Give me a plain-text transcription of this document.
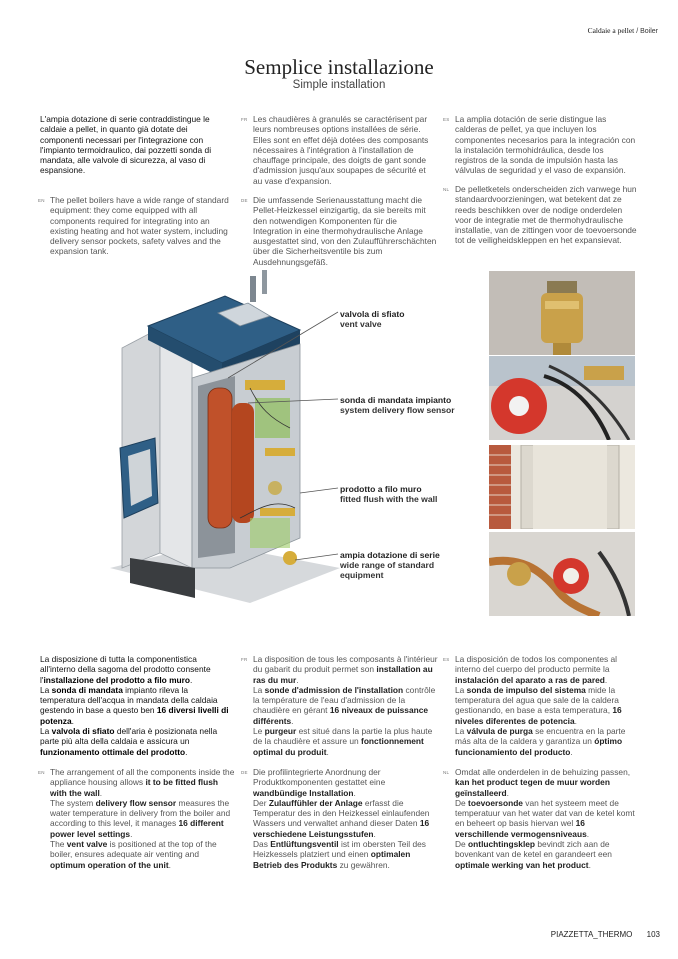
Caldaie a pellet / Boiler
Semplice installazione
Simple installation
L'ampia dotazione di serie contraddistingue le caldaie a pellet, in quanto già dotate dei componenti necessari per l'integrazione con l'impianto termoidraulico, dai pozzetti sonda di mandata, alle valvole di sicurezza, al vaso di espansione.
EN The pellet boilers have a wide range of standard equipment: they come equipped with all components required for integrating into an existing heating and hot water system, including delivery sensor pockets, safety valves and the expansion tank.
FR Les chaudières à granulés se caractérisent par leurs nombreuses options installées de série. Elles sont en effet déjà dotées des composants nécessaires à l'intégration à l'installation de chauffage principale, des doigts de gant sonde d'admission jusqu'aux soupapes de sécurité et au vase d'expansion.
DE Die umfassende Serienausstattung macht die Pellet-Heizkessel einzigartig, da sie bereits mit den notwendigen Komponenten für die Integration in eine thermohydraulische Anlage ausgestattet sind, von den Zulaufführerschächten über die Sicherheitsventile bis zum Ausdehnungsgefäß.
ES La amplia dotación de serie distingue las calderas de pellet, ya que incluyen los componentes necesarios para la integración con la instalación termohidráulica, desde los registros de la sonda de impulsión hasta las válvulas de seguridad y el vaso de expansión.
NL De pelletketels onderscheiden zich vanwege hun standaardvoorzieningen, wat betekent dat ze reeds beschikken over de nodige onderdelen voor de integratie met de thermohydraulische installatie, van de zittingen voor de toevoersonde tot de veiligheidskleppen en het expansievat.
valvola di sfiato
vent valve
sonda di mandata impianto
system delivery flow sensor
prodotto a filo muro
fitted flush with the wall
ampia dotazione di serie
wide range of standard
equipment
La disposizione di tutta la componentistica all'interno della sagoma del prodotto consente l'installazione del prodotto a filo muro.
La sonda di mandata impianto rileva la temperatura dell'acqua in mandata della caldaia gestendo in base a questo ben 16 diversi livelli di potenza.
La valvola di sfiato dell'aria è posizionata nella parte più alta della caldaia e assicura un funzionamento ottimale del prodotto.
EN The arrangement of all the components inside the appliance housing allows it to be fitted flush with the wall.
The system delivery flow sensor measures the water temperature in delivery from the boiler and according to this level, it manages 16 different power level settings.
The vent valve is positioned at the top of the boiler, ensures adequate air venting and optimum operation of the unit.
FR La disposition de tous les composants à l'intérieur du gabarit du produit permet son installation au ras du mur.
La sonde d'admission de l'installation contrôle la température de l'eau d'admission de la chaudière en gérant 16 niveaux de puissance différents.
Le purgeur est situé dans la partie la plus haute de la chaudière et assure un fonctionnement optimal du produit.
DE Die profilintegrierte Anordnung der Produktkomponenten gestattet eine wandbündige Installation.
Der Zulauffühler der Anlage erfasst die Temperatur des in den Heizkessel einlaufenden Wassers und verwaltet anhand dieser Daten 16 verschiedene Leistungsstufen.
Das Entlüftungsventil ist im obersten Teil des Heizkessels platziert und einen optimalen Betrieb des Produkts zu gewähren.
ES La disposición de todos los componentes al interno del cuerpo del producto permite la instalación del aparato a ras de pared.
La sonda de impulso del sistema mide la temperatura del agua que sale de la caldera gestionando, en base a esta temperatura, 16 niveles diferentes de potencia.
La válvula de purga se encuentra en la parte más alta de la caldera y garantiza un óptimo funcionamiento del producto.
NL Omdat alle onderdelen in de behuizing passen, kan het product tegen de muur worden geïnstalleerd.
De toevoersonde van het systeem meet de temperatuur van het water dat van de ketel komt en beheert op basis hiervan wel 16 verschillende vermogensniveaus.
De ontluchtingsklep bevindt zich aan de bovenkant van de ketel en garandeert een optimale werking van het product.
PIAZZETTA_THERMO 103
